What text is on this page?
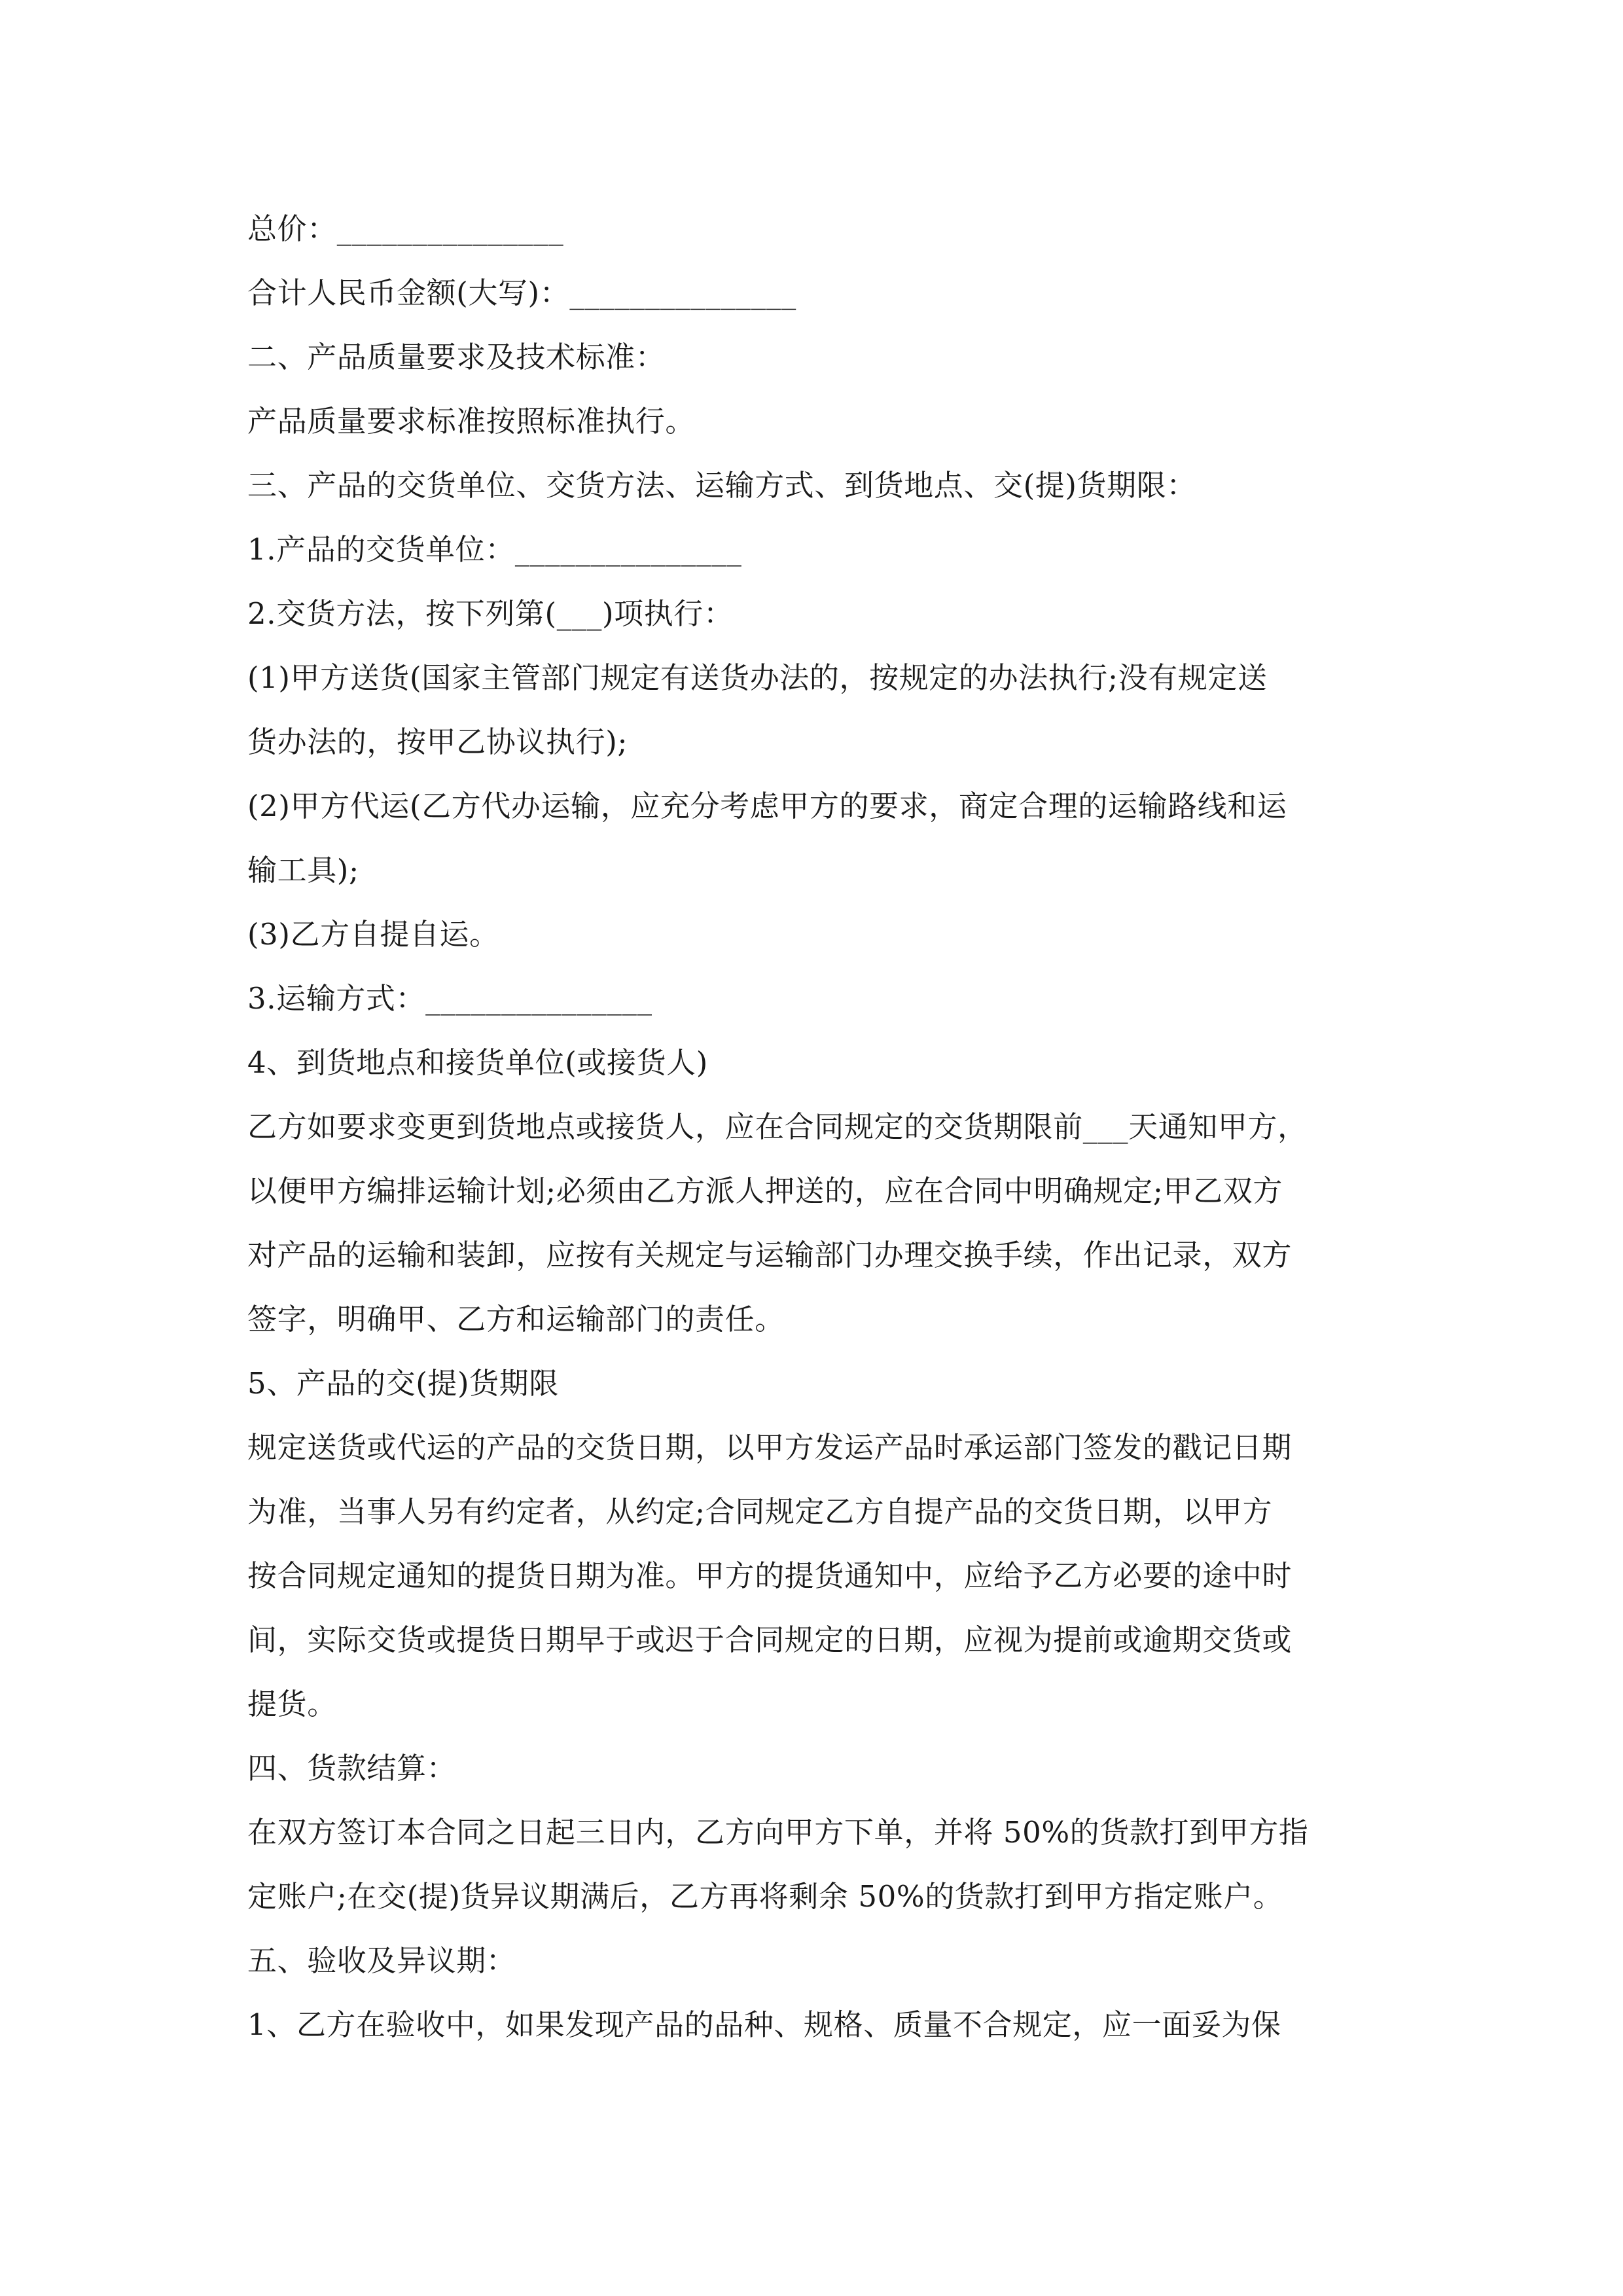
总价：_______________
合计人民币金额(大写)：_______________
二、产品质量要求及技术标准：
产品质量要求标准按照标准执行。
三、产品的交货单位、交货方法、运输方式、到货地点、交(提)货期限：
1.产品的交货单位：_______________
2.交货方法，按下列第(___)项执行：
(1)甲方送货(国家主管部门规定有送货办法的，按规定的办法执行;没有规定送
货办法的，按甲乙协议执行);
(2)甲方代运(乙方代办运输，应充分考虑甲方的要求，商定合理的运输路线和运
输工具);
(3)乙方自提自运。
3.运输方式：_______________
4、到货地点和接货单位(或接货人)
乙方如要求变更到货地点或接货人，应在合同规定的交货期限前___天通知甲方，
以便甲方编排运输计划;必须由乙方派人押送的，应在合同中明确规定;甲乙双方
对产品的运输和装卸，应按有关规定与运输部门办理交换手续，作出记录，双方
签字，明确甲、乙方和运输部门的责任。
5、产品的交(提)货期限
规定送货或代运的产品的交货日期，以甲方发运产品时承运部门签发的戳记日期
为准，当事人另有约定者，从约定;合同规定乙方自提产品的交货日期，以甲方
按合同规定通知的提货日期为准。甲方的提货通知中，应给予乙方必要的途中时
间，实际交货或提货日期早于或迟于合同规定的日期，应视为提前或逾期交货或
提货。
四、货款结算：
在双方签订本合同之日起三日内，乙方向甲方下单，并将 50%的货款打到甲方指
定账户;在交(提)货异议期满后，乙方再将剩余 50%的货款打到甲方指定账户。
五、验收及异议期：
1、乙方在验收中，如果发现产品的品种、规格、质量不合规定，应一面妥为保
